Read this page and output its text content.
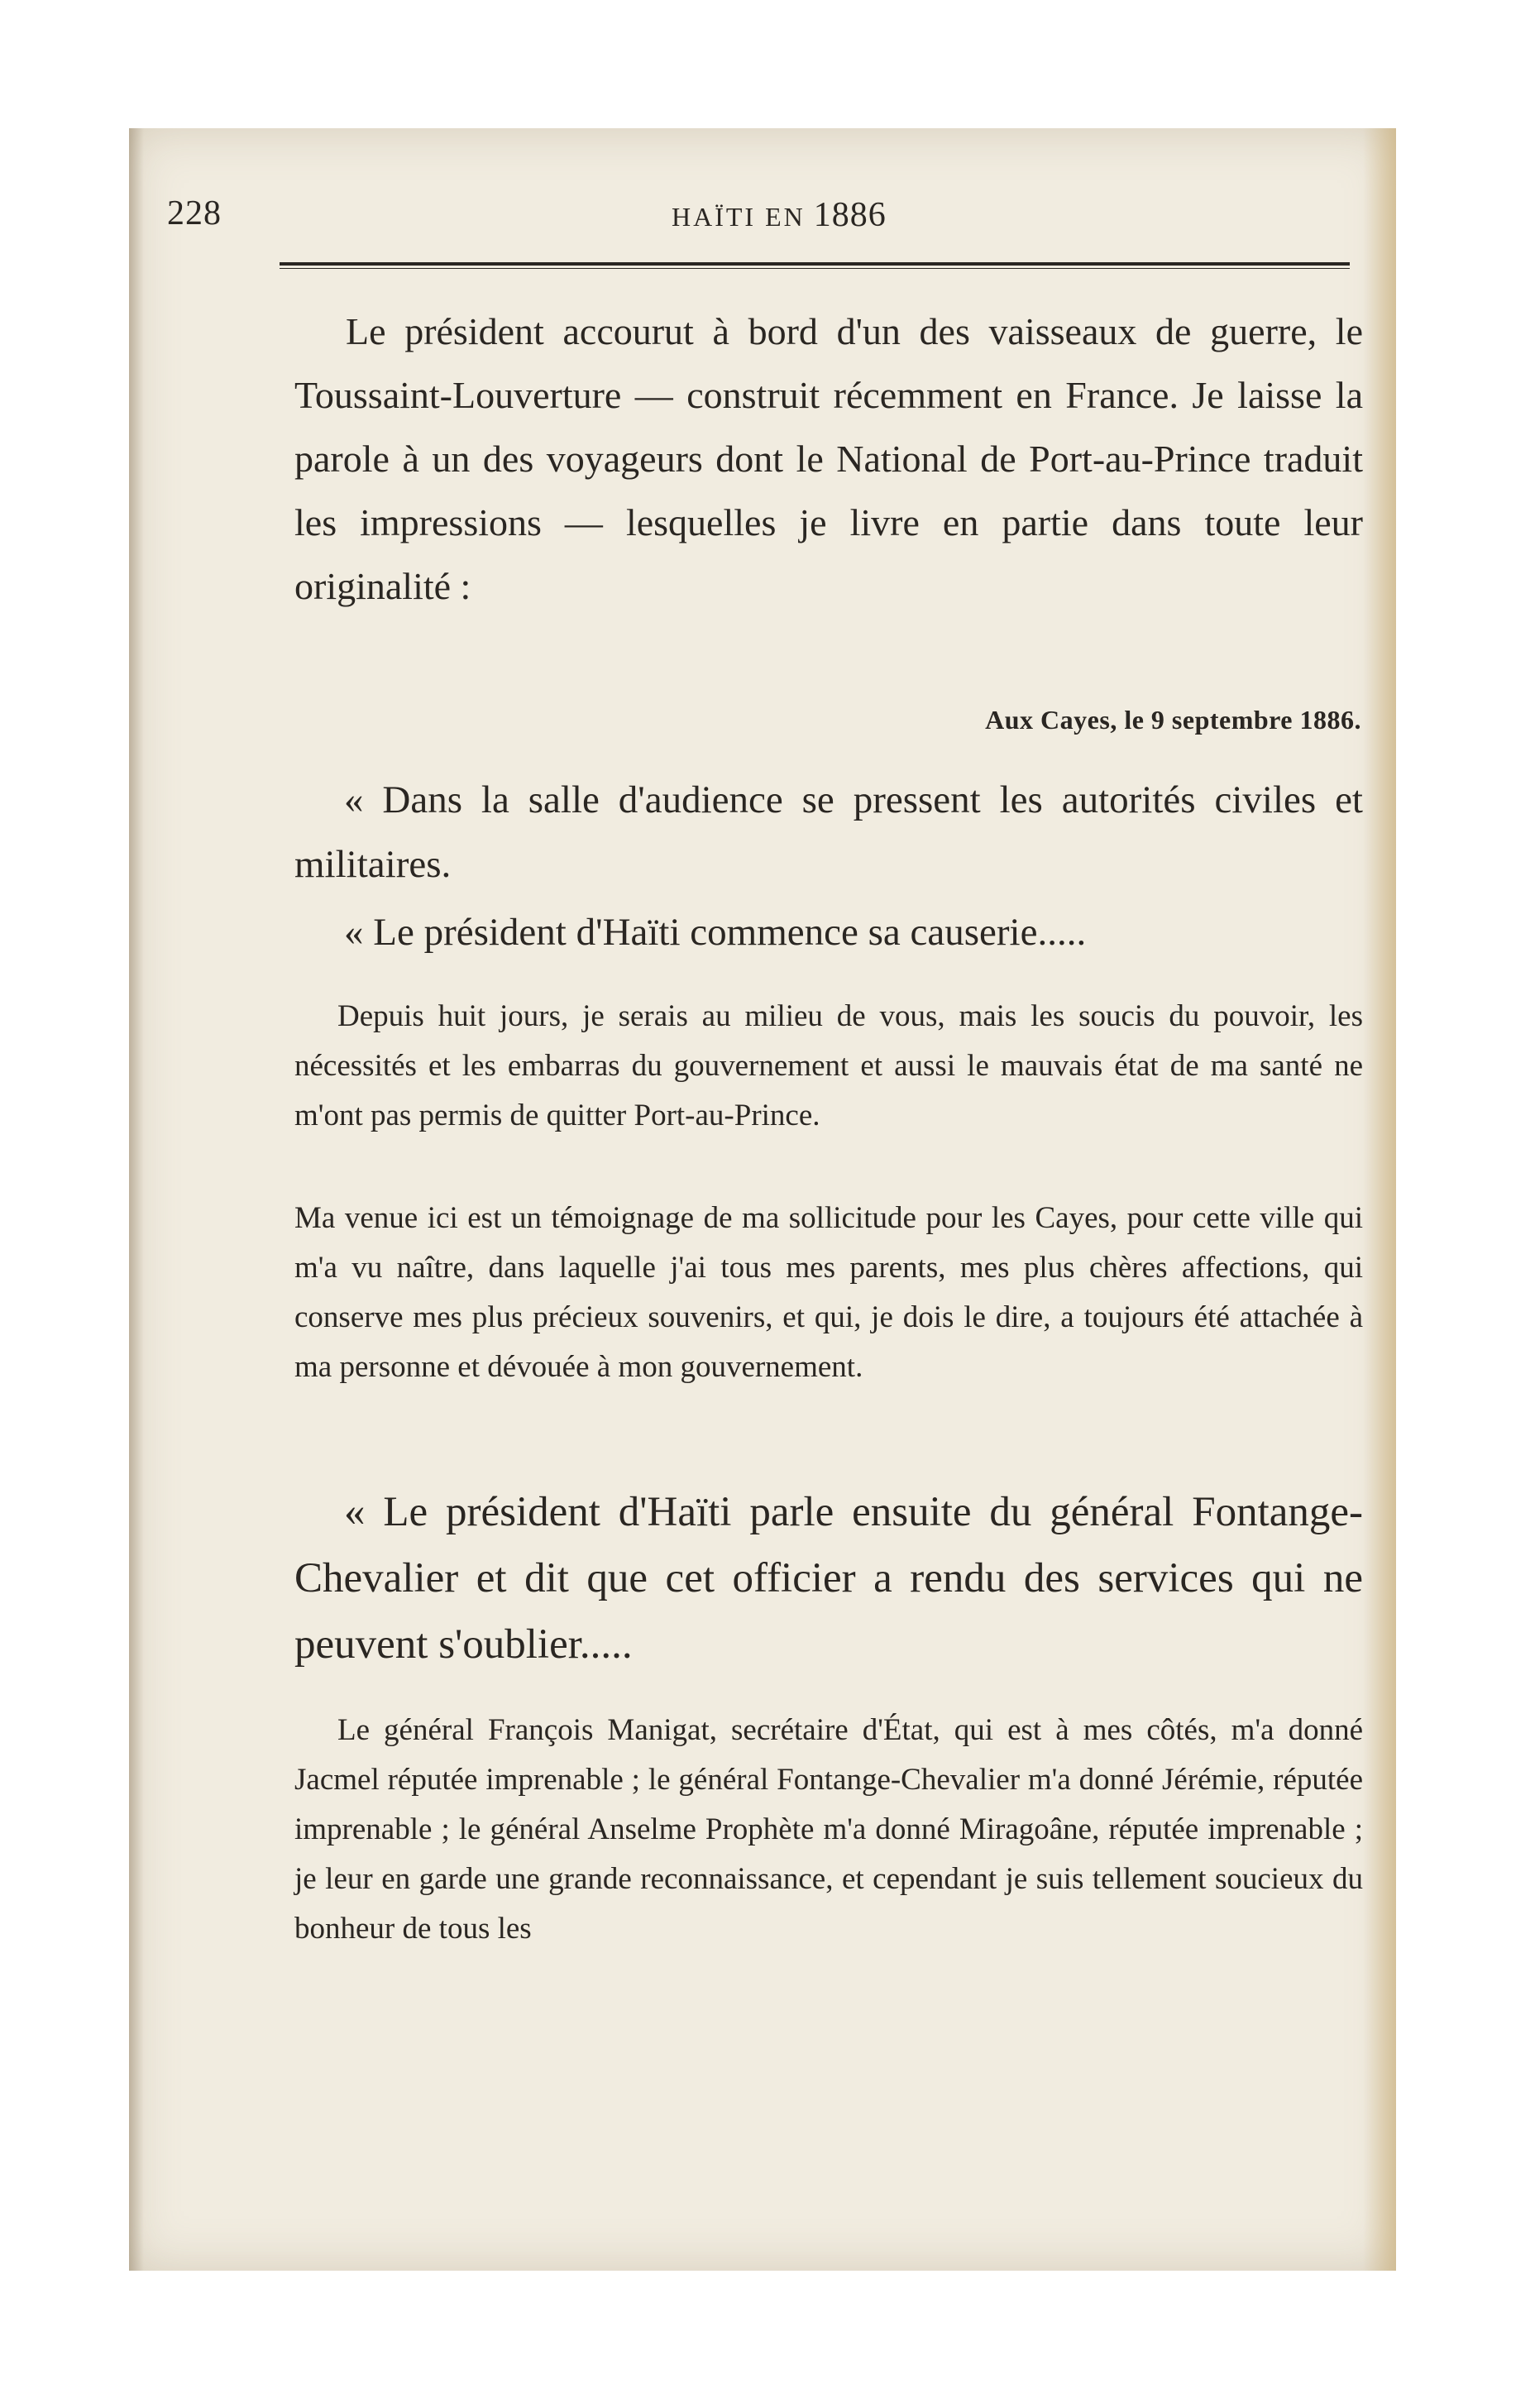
228	HAÏTI EN 1886

Le président accourut à bord d'un des vaisseaux de guerre, le Toussaint-Louverture — construit récemment en France. Je laisse la parole à un des voyageurs dont le National de Port-au-Prince traduit les impressions — lesquelles je livre en partie dans toute leur originalité :

Aux Cayes, le 9 septembre 1886.

« Dans la salle d'audience se pressent les autorités civiles et militaires.

« Le président d'Haïti commence sa causerie.....

Depuis huit jours, je serais au milieu de vous, mais les soucis du pouvoir, les nécessités et les embarras du gouvernement et aussi le mauvais état de ma santé ne m'ont pas permis de quitter Port-au-Prince.

Ma venue ici est un témoignage de ma sollicitude pour les Cayes, pour cette ville qui m'a vu naître, dans laquelle j'ai tous mes parents, mes plus chères affections, qui conserve mes plus précieux souvenirs, et qui, je dois le dire, a toujours été attachée à ma personne et dévouée à mon gouvernement.

« Le président d'Haïti parle ensuite du général Fontange-Chevalier et dit que cet officier a rendu des services qui ne peuvent s'oublier.....

Le général François Manigat, secrétaire d'État, qui est à mes côtés, m'a donné Jacmel réputée imprenable ; le général Fontange-Chevalier m'a donné Jérémie, réputée imprenable ; le général Anselme Prophète m'a donné Miragoâne, réputée imprenable ; je leur en garde une grande reconnaissance, et cependant je suis tellement soucieux du bonheur de tous les
